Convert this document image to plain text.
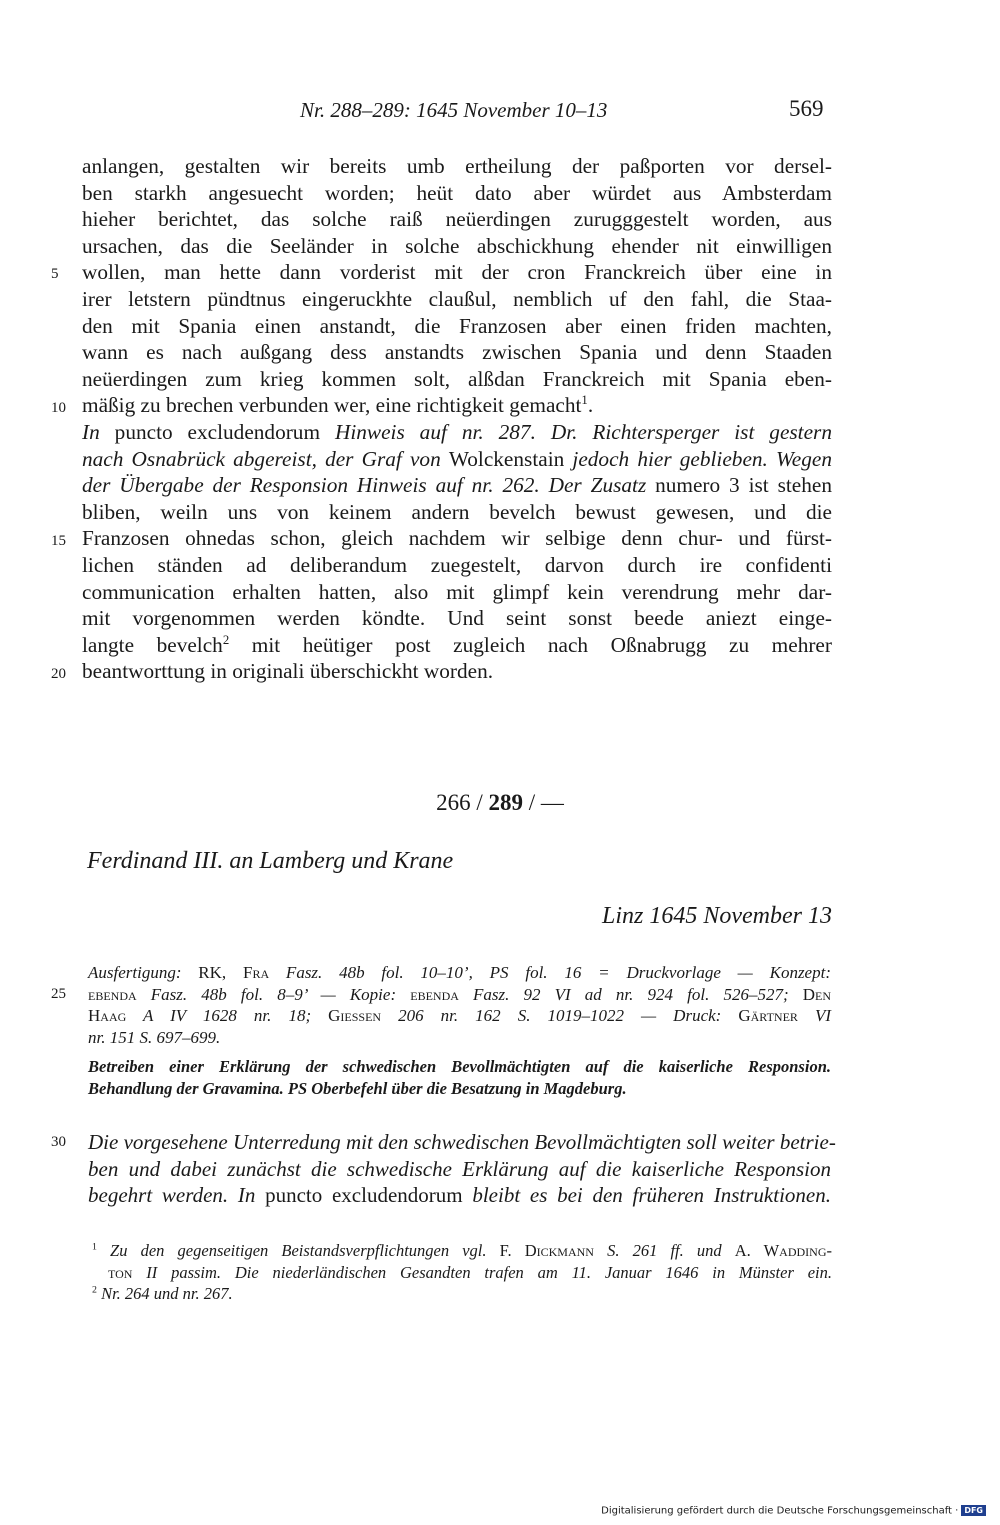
Nr. 288–289: 1645 November 10–13	569
5
10
15
20
25
30
anlangen, gestalten wir bereits umb ertheilung der paßporten vor dersel-
ben starkh angesuecht worden; heüt dato aber würdet aus Ambsterdam
hieher berichtet, das solche raiß neüerdingen zurugggestelt worden, aus
ursachen, das die Seeländer in solche abschickhung ehender nit einwilligen
wollen, man hette dann vorderist mit der cron Franckreich über eine in
irer letstern pündtnus eingeruckhte claußul, nemblich uf den fahl, die Staa-
den mit Spania einen anstandt, die Franzosen aber einen friden machten,
wann es nach außgang dess anstandts zwischen Spania und denn Staaden
neüerdingen zum krieg kommen solt, alßdan Franckreich mit Spania eben-
mäßig zu brechen verbunden wer, eine richtigkeit gemacht$^1$.
In puncto excludendorum Hinweis auf nr. 287. Dr. Richtersperger ist gestern
nach Osnabrück abgereist, der Graf von Wolckenstain jedoch hier geblieben. Wegen
der Übergabe der Responsion Hinweis auf nr. 262. Der Zusatz numero 3 ist stehen
bliben, weiln uns von keinem andern bevelch bewust gewesen, und die
Franzosen ohnedas schon, gleich nachdem wir selbige denn chur- und fürst-
lichen ständen ad deliberandum zuegestelt, darvon durch ire confidenti
communication erhalten hatten, also mit glimpf kein verendrung mehr dar-
mit vorgenommen werden köndte. Und seint sonst beede aniezt einge-
langte bevelch$^2$ mit heütiger post zugleich nach Oßnabrugg zu mehrer
beantworttung in originali überschickht worden.
266 / 289 / —
Ferdinand III. an Lamberg und Krane
Linz 1645 November 13
Ausfertigung: RK, Fra Fasz. 48b fol. 10–10’, PS fol. 16 = Druckvorlage — Konzept:
ebenda Fasz. 48b fol. 8–9’ — Kopie: ebenda Fasz. 92 VI ad nr. 924 fol. 526–527; Den
Haag A IV 1628 nr. 18; Giessen 206 nr. 162 S. 1019–1022 — Druck: Gärtner VI
nr. 151 S. 697–699.
Betreiben einer Erklärung der schwedischen Bevollmächtigten auf die kaiserliche Responsion.
Behandlung der Gravamina. PS Oberbefehl über die Besatzung in Magdeburg.
Die vorgesehene Unterredung mit den schwedischen Bevollmächtigten soll weiter betrie-
ben und dabei zunächst die schwedische Erklärung auf die kaiserliche Responsion
begehrt werden. In puncto excludendorum bleibt es bei den früheren Instruktionen.
$^1$ Zu den gegenseitigen Beistandsverpflichtungen vgl. F. Dickmann S. 261 ff. und A. Wadding-
ton II passim. Die niederländischen Gesandten trafen am 11. Januar 1646 in Münster ein.
$^2$ Nr. 264 und nr. 267.
Digitalisierung gefördert durch die Deutsche Forschungsgemeinschaft · DFG
